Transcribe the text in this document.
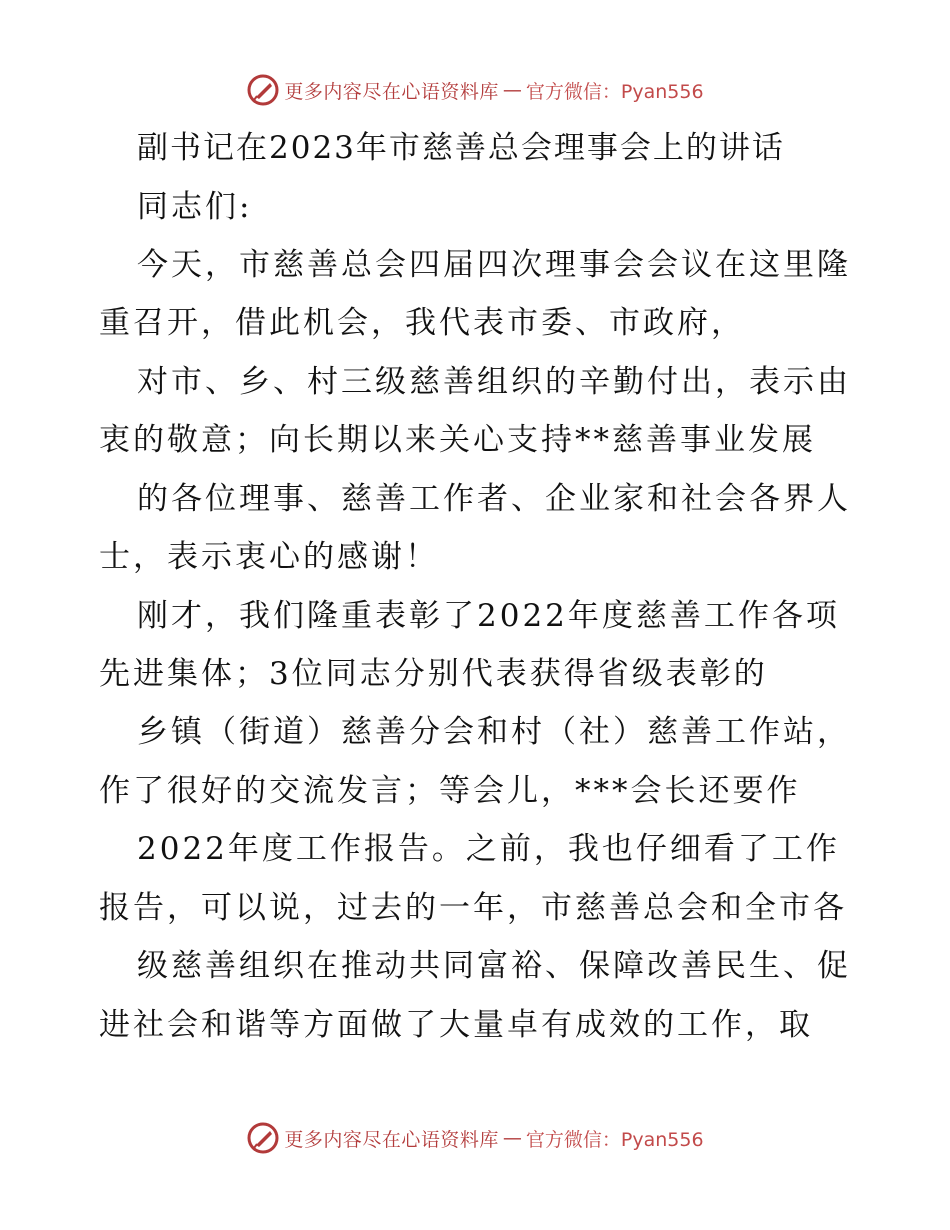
更多内容尽在心语资料库 — 官方微信：Pyan556
副书记在2023年市慈善总会理事会上的讲话
同志们:
今天，市慈善总会四届四次理事会会议在这里隆
重召开，借此机会，我代表市委、市政府，
对市、乡、村三级慈善组织的辛勤付出，表示由
衷的敬意；向长期以来关心支持**慈善事业发展
的各位理事、慈善工作者、企业家和社会各界人
士，表示衷心的感谢！
刚才，我们隆重表彰了2022年度慈善工作各项
先进集体；3位同志分别代表获得省级表彰的
乡镇（街道）慈善分会和村（社）慈善工作站，
作了很好的交流发言；等会儿，***会长还要作
2022年度工作报告。之前，我也仔细看了工作
报告，可以说，过去的一年，市慈善总会和全市各
级慈善组织在推动共同富裕、保障改善民生、促
进社会和谐等方面做了大量卓有成效的工作，取
更多内容尽在心语资料库 — 官方微信：Pyan556
